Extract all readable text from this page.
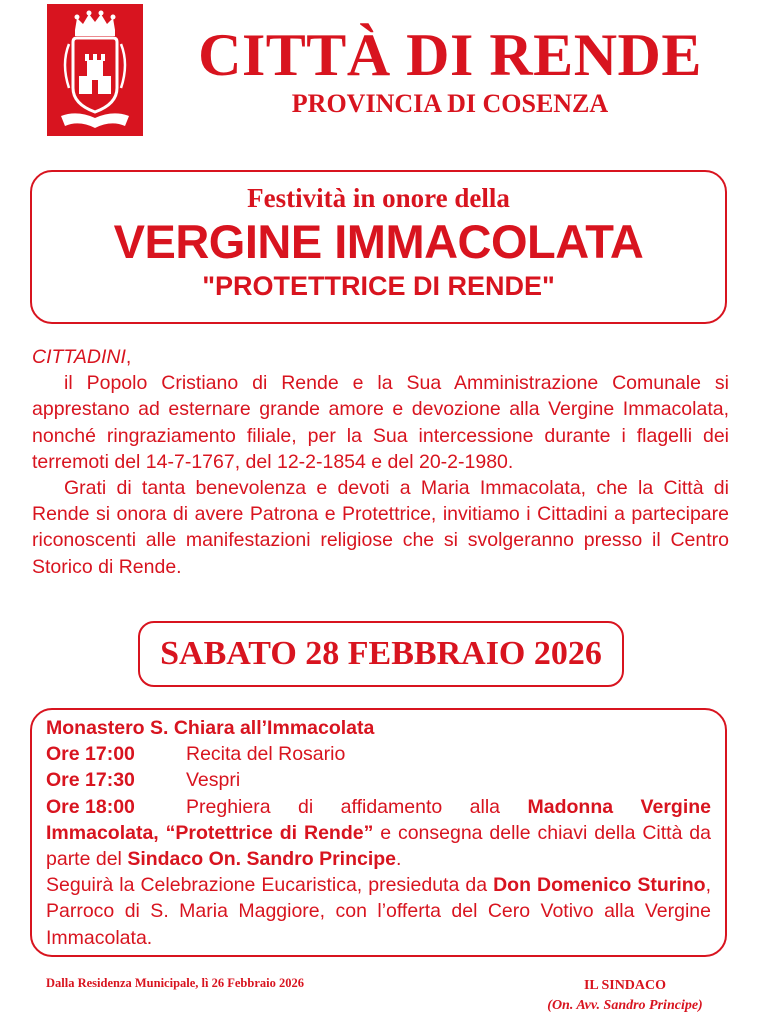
CITTÀ DI RENDE
PROVINCIA DI COSENZA
Festività in onore della
VERGINE IMMACOLATA
"PROTETTRICE DI RENDE"

CITTADINI,

il Popolo Cristiano di Rende e la Sua Amministrazione Comunale si apprestano ad esternare grande amore e devozione alla Vergine Immacolata, nonché ringraziamento filiale, per la Sua intercessione durante i flagelli dei terremoti del 14-7-1767, del 12-2-1854 e del 20-2-1980.

Grati di tanta benevolenza e devoti a Maria Immacolata, che la Città di Rende si onora di avere Patrona e Protettrice, invitiamo i Cittadini a partecipare riconoscenti alle manifestazioni religiose che si svolgeranno presso il Centro Storico di Rende.

SABATO 28 FEBBRAIO 2026
Monastero S. Chiara all’Immacolata
Ore 17:00	Recita del Rosario
Ore 17:30	Vespri
Ore 18:00	Preghiera di affidamento alla Madonna Vergine Immacolata, “Protettrice di Rende” e consegna delle chiavi della Città da parte del Sindaco On. Sandro Principe.
Seguirà la Celebrazione Eucaristica, presieduta da Don Domenico Sturino, Parroco di S. Maria Maggiore, con l’offerta del Cero Votivo alla Vergine Immacolata.
Dalla Residenza Municipale, lì 26 Febbraio 2026	IL SINDACO
(On. Avv. Sandro Principe)
